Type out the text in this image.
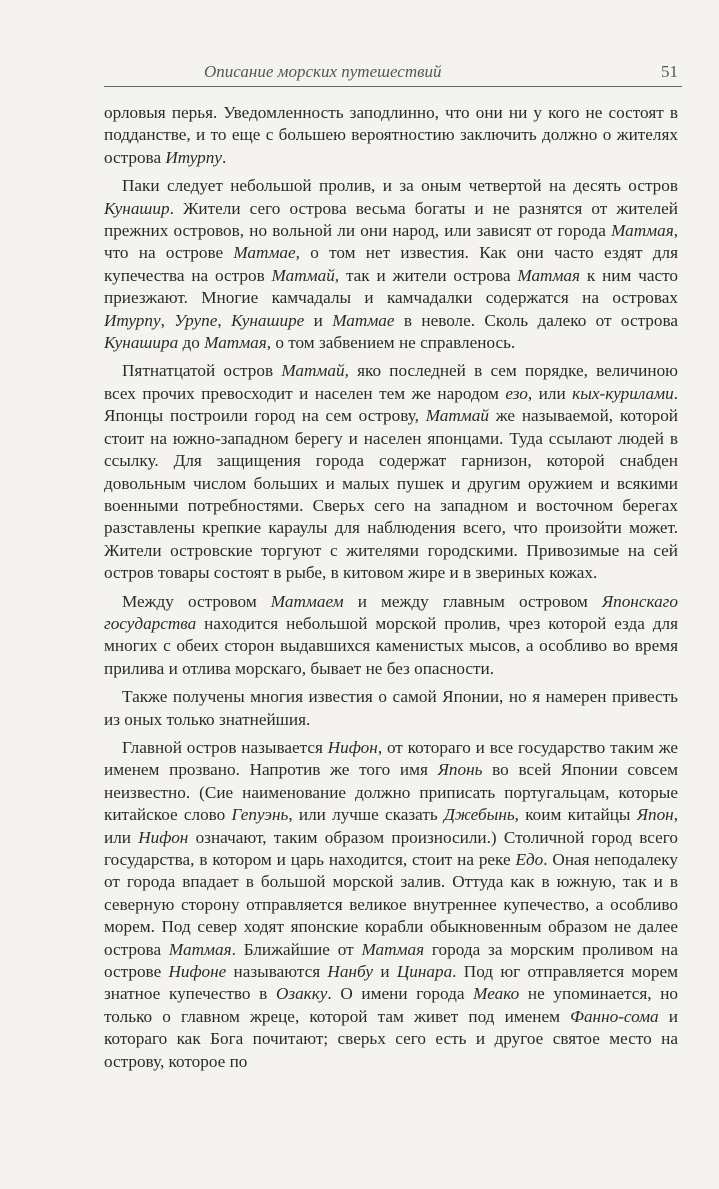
Описание морских путешествий	51

орловыя перья. Уведомленность заподлинно, что они ни у кого не состоят в подданстве, и то еще с большею вероятностию заключить должно о жителях острова Итурпу.

Паки следует небольшой пролив, и за оным четвертой на десять остров Кунашир. Жители сего острова весьма богаты и не разнятся от жителей прежних островов, но вольной ли они народ, или зависят от города Матмая, что на острове Матмае, о том нет известия. Как они часто ездят для купечества на остров Матмай, так и жители острова Матмая к ним часто приезжают. Многие камчадалы и камчадалки содержатся на островах Итурпу, Урупе, Кунашире и Матмае в неволе. Сколь далеко от острова Кунашира до Матмая, о том забвением не справленось.

Пятнатцатой остров Матмай, яко последней в сем порядке, величиною всех прочих превосходит и населен тем же народом езо, или кых-курилами. Японцы построили город на сем острову, Матмай же называемой, которой стоит на южно-западном берегу и населен японцами. Туда ссылают людей в ссылку. Для защищения города содержат гарнизон, которой снабден довольным числом больших и малых пушек и другим оружием и всякими военными потребностями. Сверьх сего на западном и восточном берегах разставлены крепкие караулы для наблюдения всего, что произойти может. Жители островские торгуют с жителями городскими. Привозимые на сей остров товары состоят в рыбе, в китовом жире и в звериных кожах.

Между островом Матмаем и между главным островом Японскаго государства находится небольшой морской пролив, чрез которой езда для многих с обеих сторон выдавшихся каменистых мысов, а особливо во время прилива и отлива морскаго, бывает не без опасности.

Также получены многия известия о самой Японии, но я намерен привесть из оных только знатнейшия.

Главной остров называется Нифон, от котораго и все государство таким же именем прозвано. Напротив же того имя Японь во всей Японии совсем неизвестно. (Сие наименование должно приписать португальцам, которые китайское слово Гепуэнь, или лучше сказать Джебынь, коим китайцы Япон, или Нифон означают, таким образом произносили.) Столичной город всего государства, в котором и царь находится, стоит на реке Едо. Оная неподалеку от города впадает в большой морской залив. Оттуда как в южную, так и в северную сторону отправляется великое внутреннее купечество, а особливо морем. Под север ходят японские корабли обыкновенным образом не далее острова Матмая. Ближайшие от Матмая города за морским проливом на острове Нифоне называются Нанбу и Цинара. Под юг отправляется морем знатное купечество в Озакку. О имени города Меако не упоминается, но только о главном жреце, которой там живет под именем Фанно-сома и котораго как Бога почитают; сверьх сего есть и другое святое место на острову, которое по
